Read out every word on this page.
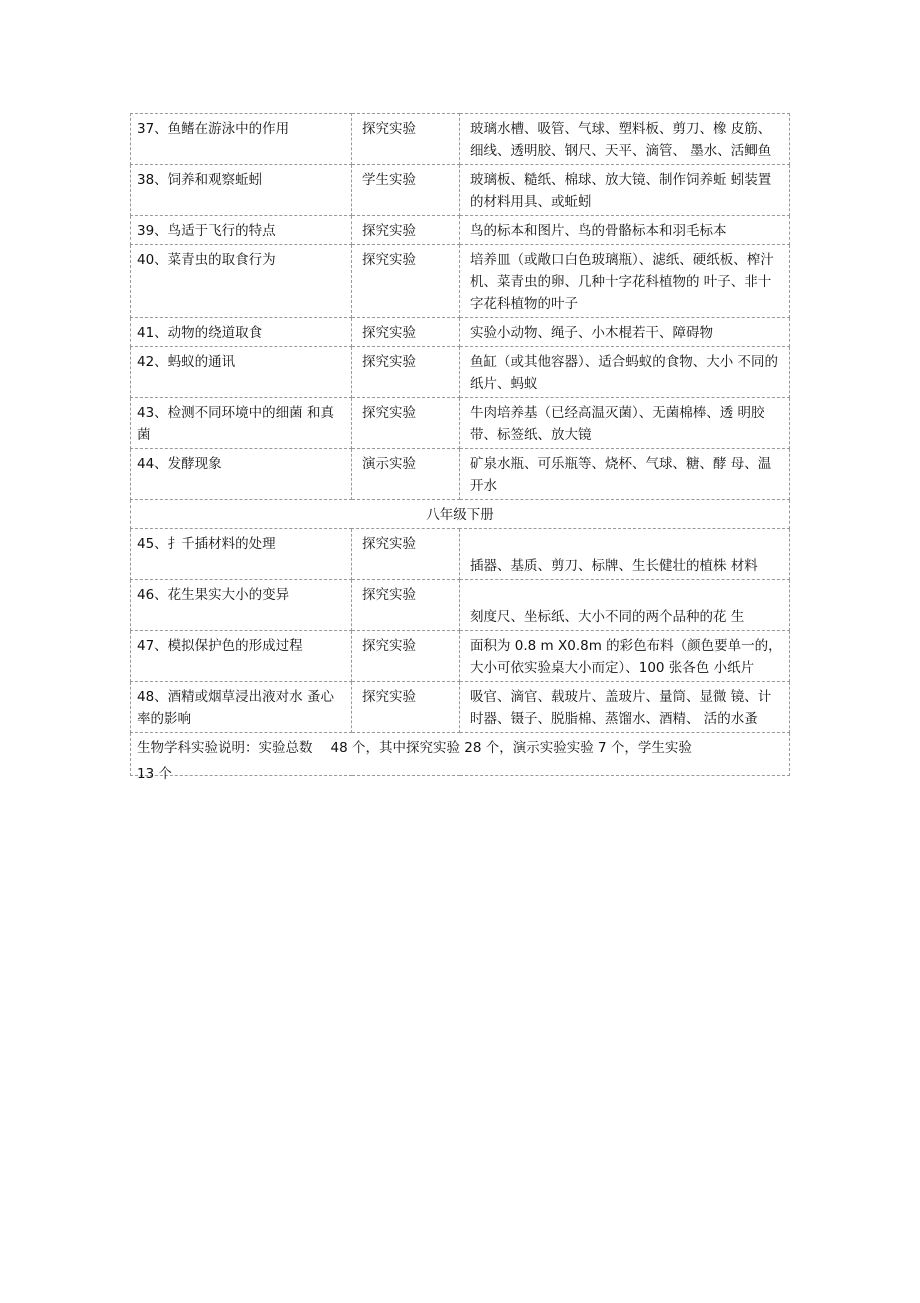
37、鱼鳍在游泳中的作用	探究实验	玻璃水槽、吸管、气球、塑料板、剪刀、橡 皮筋、细线、透明胶、钢尺、天平、滴管、 墨水、活鲫鱼
38、饲养和观察蚯蚓	学生实验	玻璃板、糙纸、棉球、放大镜、制作饲养蚯 蚓装置的材料用具、或蚯蚓
39、鸟适于飞行的特点	探究实验	鸟的标本和图片、鸟的骨骼标本和羽毛标本
40、菜青虫的取食行为	探究实验	培养皿（或敞口白色玻璃瓶）、滤纸、硬纸板、榨汁机、菜青虫的卵、几种十字花科植物的 叶子、非十字花科植物的叶子
41、动物的绕道取食	探究实验	实验小动物、绳子、小木棍若干、障碍物
42、蚂蚁的通讯	探究实验	鱼缸（或其他容器）、适合蚂蚁的食物、大小 不同的纸片、蚂蚁
43、检测不同环境中的细菌 和真菌	探究实验	牛肉培养基（已经高温灭菌）、无菌棉棒、透 明胶带、标签纸、放大镜
44、发酵现象	演示实验	矿泉水瓶、可乐瓶等、烧杯、气球、糖、酵 母、温开水
八年级下册		
45、扌千插材料的处理	探究实验	插器、基质、剪刀、标牌、生长健壮的植株 材料
46、花生果实大小的变异	探究实验	刻度尺、坐标纸、大小不同的两个品种的花 生
47、模拟保护色的形成过程	探究实验	面积为 0.8 m X0.8m 的彩色布料（颜色要单一的，大小可依实验桌大小而定）、100 张各色 小纸片
48、酒精或烟草浸出液对水 蚤心率的影响	探究实验	吸官、滴官、载玻片、盖玻片、量筒、显微 镜、计时器、镊子、脱脂棉、蒸馏水、酒精、 活的水蚤

生物学科实验说明：实验总数 48 个，其中探究实验 28 个，演示实验实验 7 个，学生实验
13 个		
